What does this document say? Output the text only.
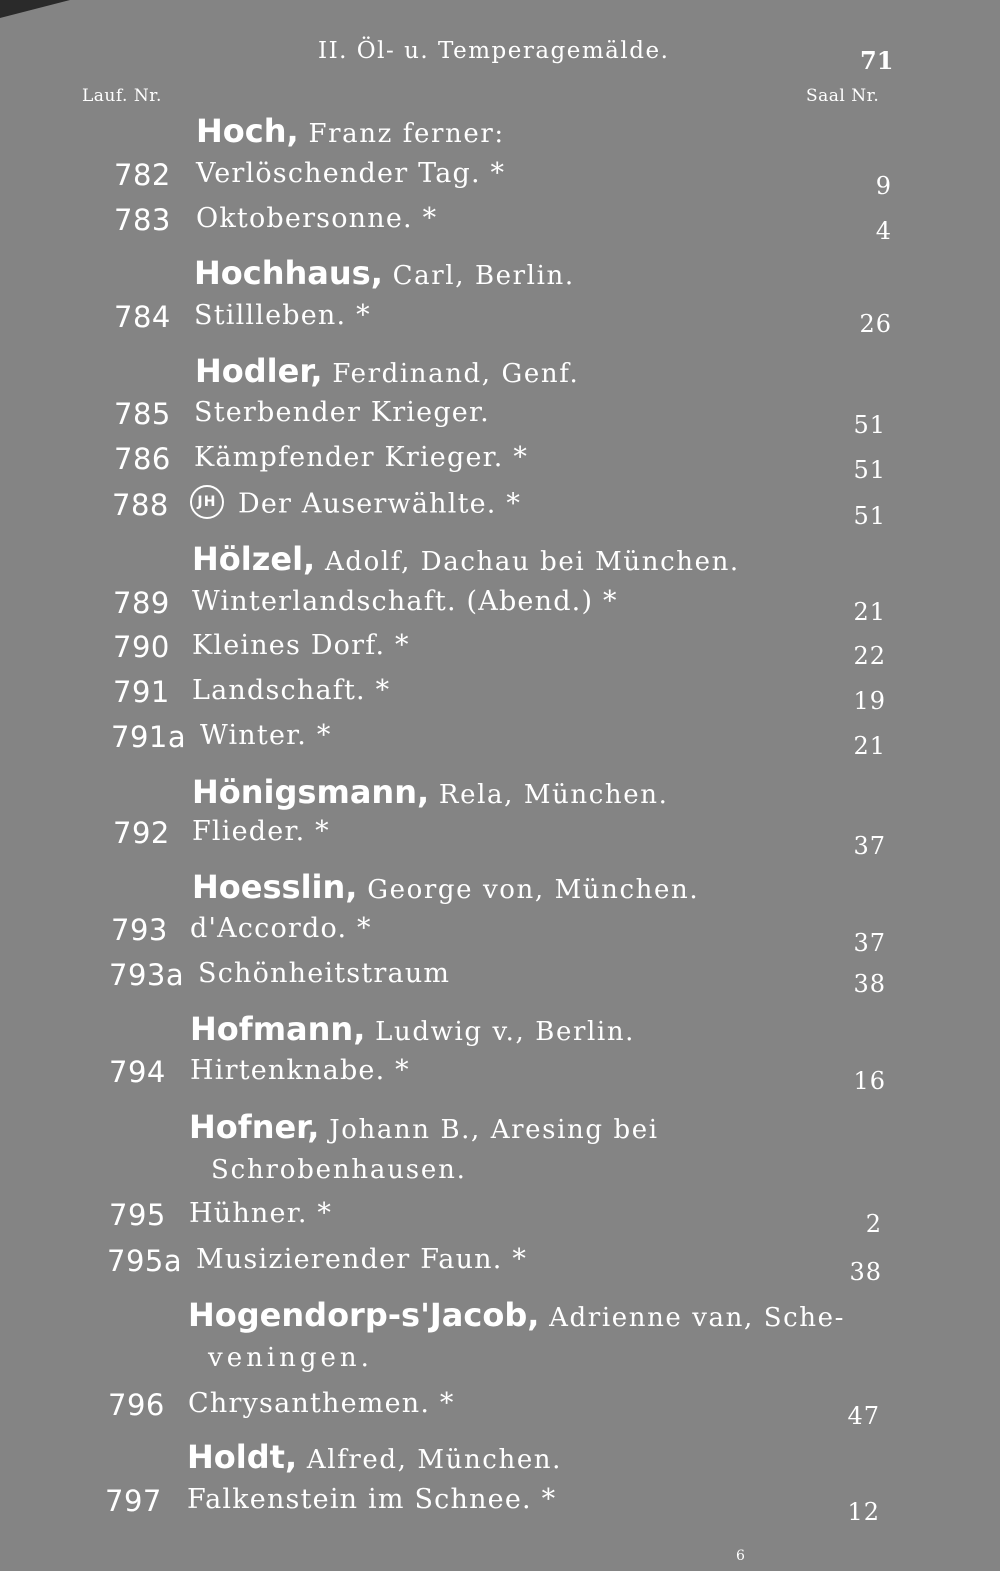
II. Öl- u. Temperagemälde.	71
Lauf. Nr.	Saal Nr.
Hoch, Franz ferner:
782 Verlöschender Tag. *	9
783 Oktobersonne. *	4
Hochhaus, Carl, Berlin.
784 Stillleben. *	26
Hodler, Ferdinand, Genf.
785 Sterbender Krieger.	51
786 Kämpfender Krieger. *	51
788	JH Der Auserwählte. *	51
Hölzel, Adolf, Dachau bei München.
789 Winterlandschaft. (Abend.) *	21
790 Kleines Dorf. *	22
791 Landschaft. *	19
791a Winter. *	21
Hönigsmann, Rela, München.
792 Flieder. *	37
Hoesslin, George von, München.
793 d'Accordo. *	37
793a Schönheitstraum	38
Hofmann, Ludwig v., Berlin.
794 Hirtenknabe. *	16
Hofner, Johann B., Aresing bei
Schrobenhausen.
795 Hühner. *	2
795a Musizierender Faun. *	38
Hogendorp-s'Jacob, Adrienne van, Sche-
veningen.
796 Chrysanthemen. *	47
Holdt, Alfred, München.
797 Falkenstein im Schnee. *	12
6
